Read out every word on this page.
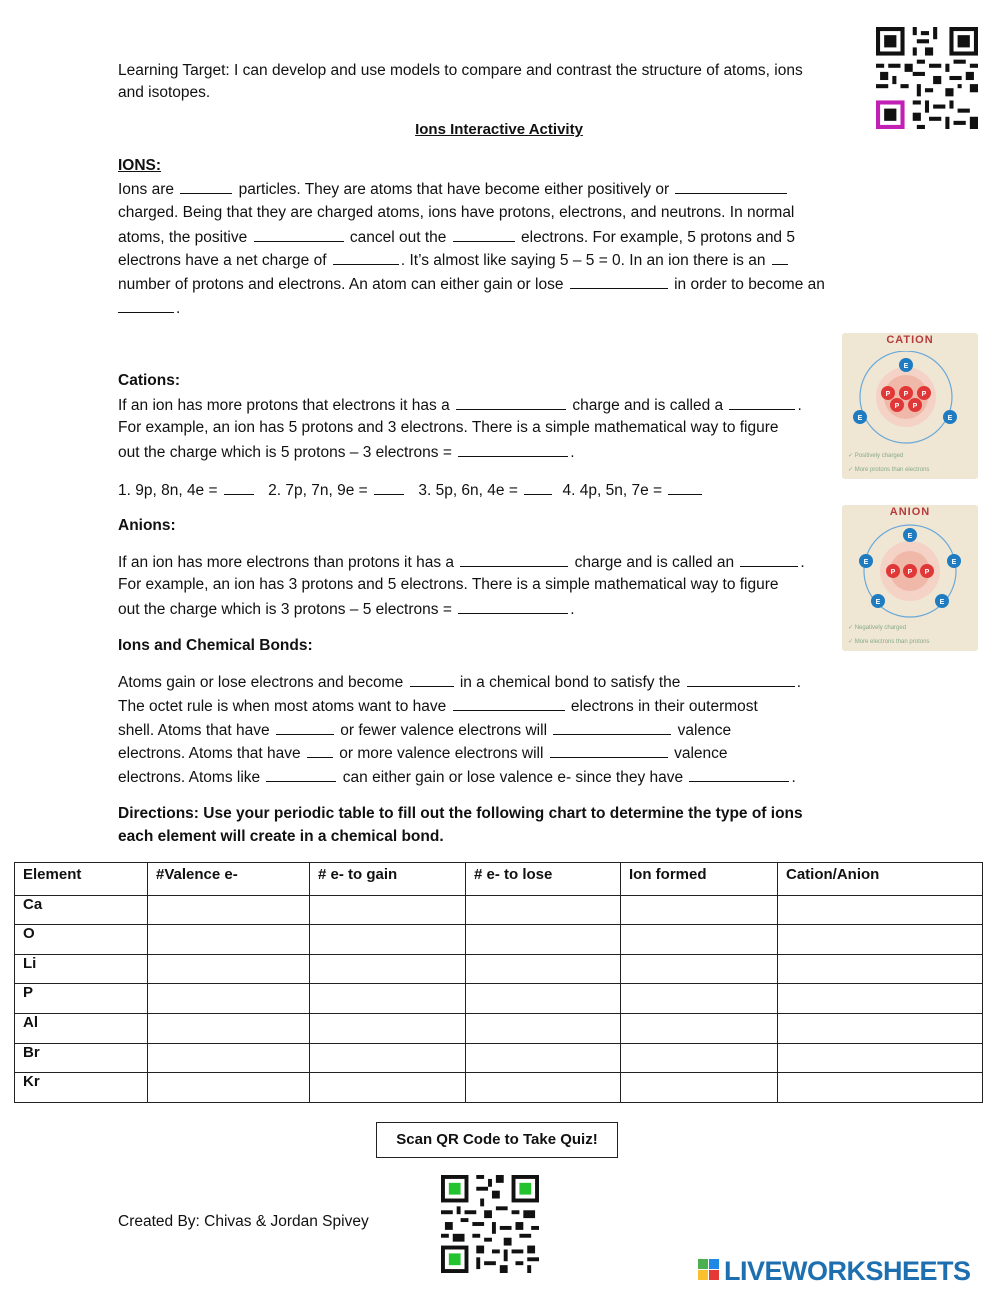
Learning Target: I can develop and use models to compare and contrast the structure of atoms, ions
and isotopes.
Ions Interactive Activity
IONS:
Ions are	particles. They are atoms that have become either positively or
charged. Being that they are charged atoms, ions have protons, electrons, and neutrons. In normal
atoms, the positive	cancel out the	electrons. For example, 5 protons and 5
electrons have a net charge of	. It’s almost like saying 5 – 5 = 0. In an ion there is an
number of protons and electrons. An atom can either gain or lose	in order to become an
.
CATION
P P P
P P
E
E	E
✓ Positively charged
✓ More protons than electrons
Cations:
If an ion has more protons that electrons it has a	charge and is called a	.
For example, an ion has 5 protons and 3 electrons. There is a simple mathematical way to figure
out the charge which is 5 protons – 3 electrons =	.
1. 9p, 8n, 4e =	2. 7p, 7n, 9e =	3. 5p, 6n, 4e =	4. 4p, 5n, 7e =
ANION
P P P
E
E	E
E	E
✓ Negatively charged
✓ More electrons than protons
Anions:
If an ion has more electrons than protons it has a	charge and is called an	.
For example, an ion has 3 protons and 5 electrons. There is a simple mathematical way to figure
out the charge which is 3 protons – 5 electrons =	.
Ions and Chemical Bonds:
Atoms gain or lose electrons and become	in a chemical bond to satisfy the	.
The octet rule is when most atoms want to have	electrons in their outermost
shell. Atoms that have	or fewer valence electrons will	valence
electrons. Atoms that have or more valence electrons will	valence
electrons. Atoms like	can either gain or lose valence e- since they have	.
Directions: Use your periodic table to fill out the following chart to determine the type of ions
each element will create in a chemical bond.
Element	#Valence e-	# e- to gain	# e- to lose	Ion formed	Cation/Anion
Ca					
O					
Li					
P					
Al					
Br					
Kr					
Scan QR Code to Take Quiz!
Created By: Chivas & Jordan Spivey
LIVEWORKSHEETS
